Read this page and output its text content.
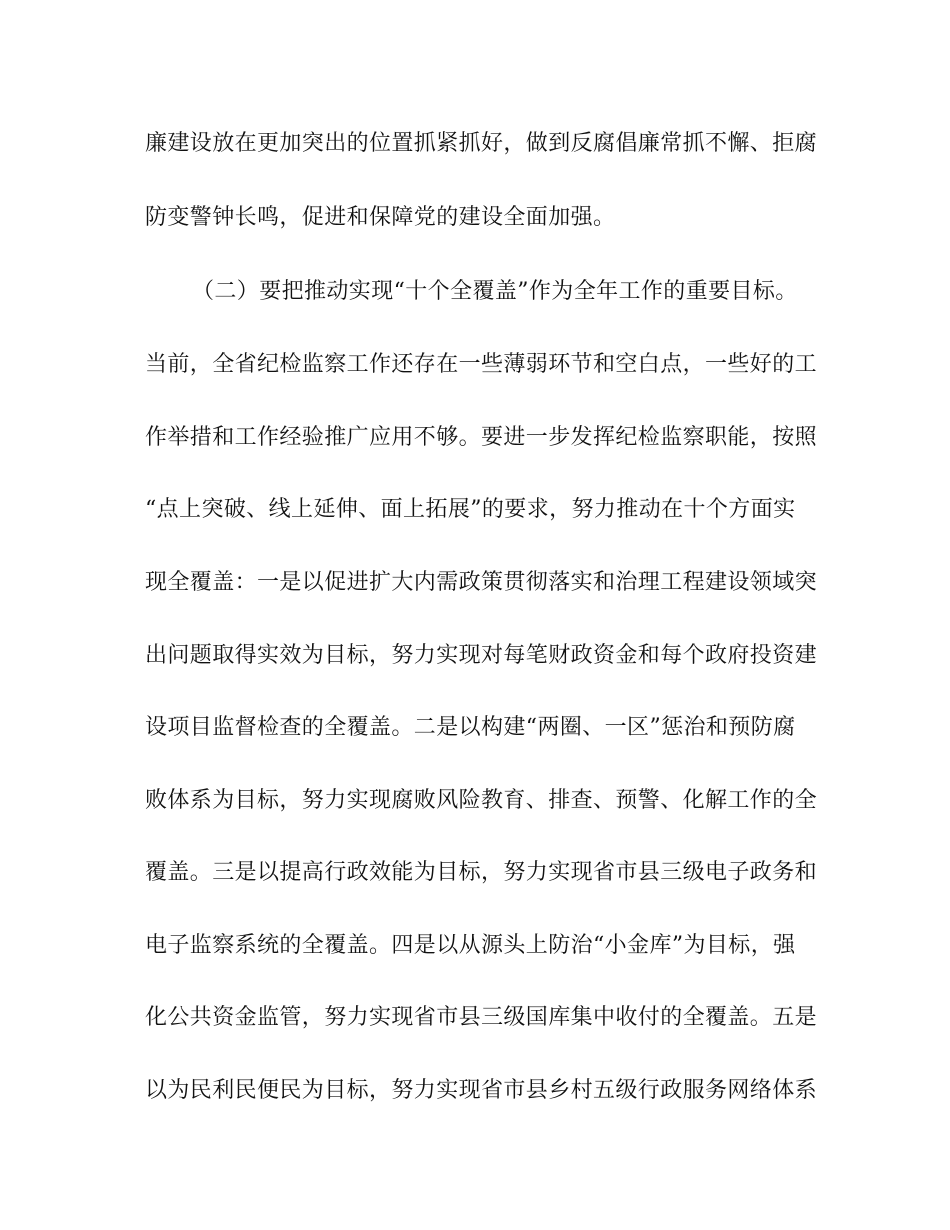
廉建设放在更加突出的位置抓紧抓好，做到反腐倡廉常抓不懈、拒腐
防变警钟长鸣，促进和保障党的建设全面加强。
（二）要把推动实现“十个全覆盖”作为全年工作的重要目标。
当前，全省纪检监察工作还存在一些薄弱环节和空白点，一些好的工
作举措和工作经验推广应用不够。要进一步发挥纪检监察职能，按照
“点上突破、线上延伸、面上拓展”的要求，努力推动在十个方面实
现全覆盖：一是以促进扩大内需政策贯彻落实和治理工程建设领域突
出问题取得实效为目标，努力实现对每笔财政资金和每个政府投资建
设项目监督检查的全覆盖。二是以构建“两圈、一区”惩治和预防腐
败体系为目标，努力实现腐败风险教育、排查、预警、化解工作的全
覆盖。三是以提高行政效能为目标，努力实现省市县三级电子政务和
电子监察系统的全覆盖。四是以从源头上防治“小金库”为目标，强
化公共资金监管，努力实现省市县三级国库集中收付的全覆盖。五是
以为民利民便民为目标，努力实现省市县乡村五级行政服务网络体系
